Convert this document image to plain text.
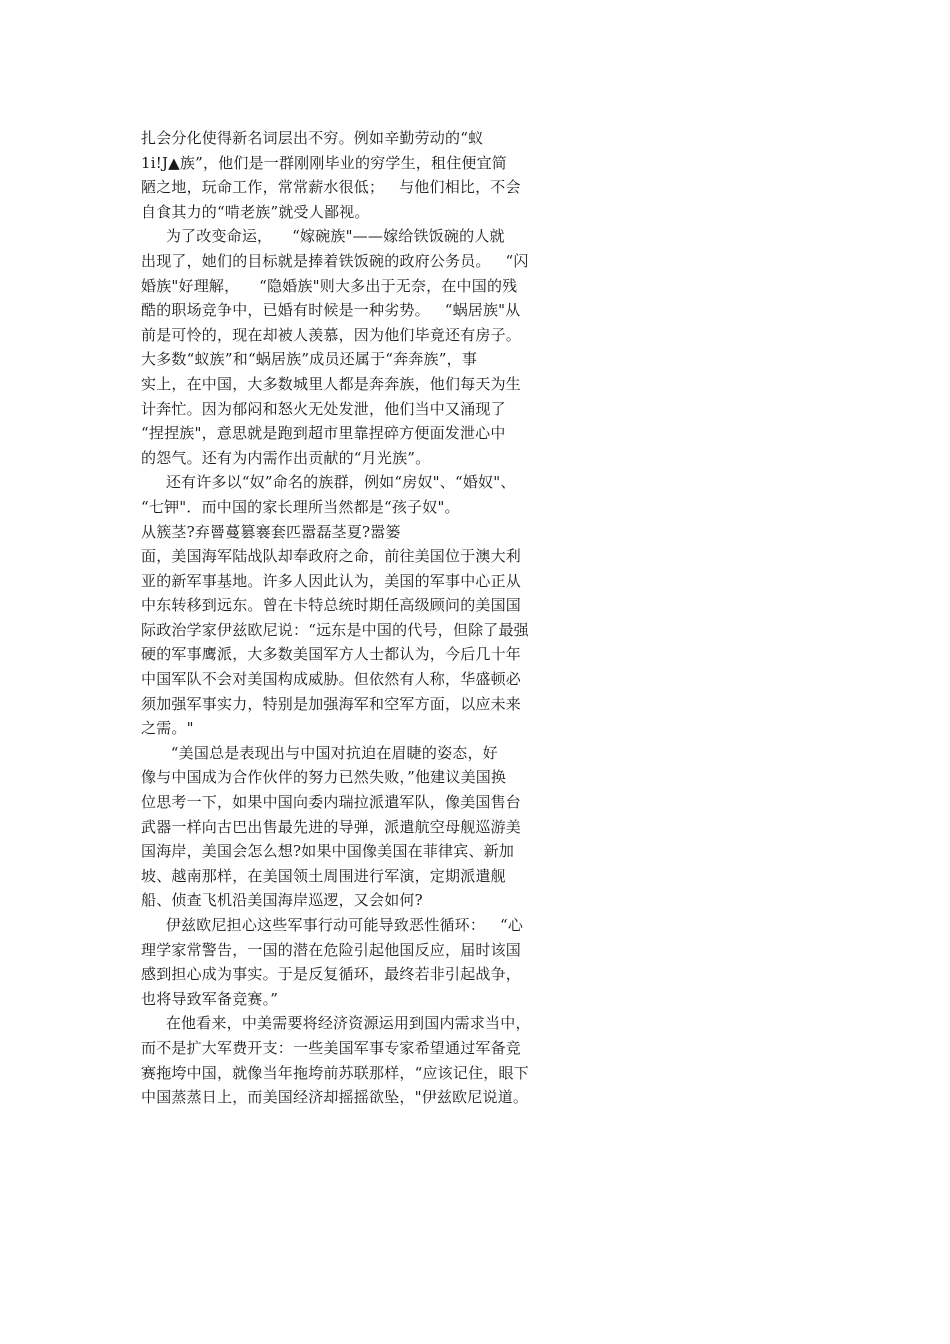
扎会分化使得新名词层出不穷。例如辛勤劳动的“蚁
1i!J▲族”，他们是一群刚刚毕业的穷学生，租住便宜简
陋之地，玩命工作，常常薪水很低；   与他们相比，不会
自食其力的“啃老族”就受人鄙视。
为了改变命运，    “嫁碗族"——嫁给铁饭碗的人就
出现了，她们的目标就是捧着铁饭碗的政府公务员。   “闪
婚族"好理解，    “隐婚族"则大多出于无奈，在中国的残
酷的职场竞争中，已婚有时候是一种劣势。   “蜗居族"从
前是可怜的，现在却被人羡慕，因为他们毕竟还有房子。
大多数“蚁族”和“蜗居族”成员还属于“奔奔族”，事
实上，在中国，大多数城里人都是奔奔族，他们每天为生
计奔忙。因为郁闷和怒火无处发泄，他们当中又涌现了
“捏捏族"，意思就是跑到超市里靠捏碎方便面发泄心中
的怨气。还有为内需作出贡献的“月光族”。
还有许多以“奴”命名的族群，例如“房奴"、“婚奴"、
“七钾"．而中国的家长理所当然都是“孩子奴"。
从簇茎?弃罾蔓篡褰套匹嚣磊茎夏?嚣篓
面，美国海军陆战队却奉政府之命，前往美国位于澳大利
亚的新军事基地。许多人因此认为，美国的军事中心正从
中东转移到远东。曾在卡特总统时期任高级顾问的美国国
际政治学家伊兹欧尼说：“远东是中国的代号，但除了最强
硬的军事鹰派，大多数美国军方人士都认为，今后几十年
中国军队不会对美国构成威胁。但依然有人称，华盛顿必
须加强军事实力，特别是加强海军和空军方面，以应未来
之需。"
“美国总是表现出与中国对抗迫在眉睫的姿态，好
像与中国成为合作伙伴的努力已然失败，”他建议美国换
位思考一下，如果中国向委内瑞拉派遣军队，像美国售台
武器一样向古巴出售最先进的导弹，派遣航空母舰巡游美
国海岸，美国会怎么想?如果中国像美国在菲律宾、新加
坡、越南那样，在美国领土周围进行军演，定期派遣舰
船、侦查飞机沿美国海岸巡逻，又会如何?
伊兹欧尼担心这些军事行动可能导致恶性循环：   “心
理学家常警告，一国的潜在危险引起他国反应，届时该国
感到担心成为事实。于是反复循环，最终若非引起战争，
也将导致军备竞赛。”
在他看来，中美需要将经济资源运用到国内需求当中，
而不是扩大军费开支：一些美国军事专家希望通过军备竞
赛拖垮中国，就像当年拖垮前苏联那样，“应该记住，眼下
中国蒸蒸日上，而美国经济却摇摇欲坠，"伊兹欧尼说道。
